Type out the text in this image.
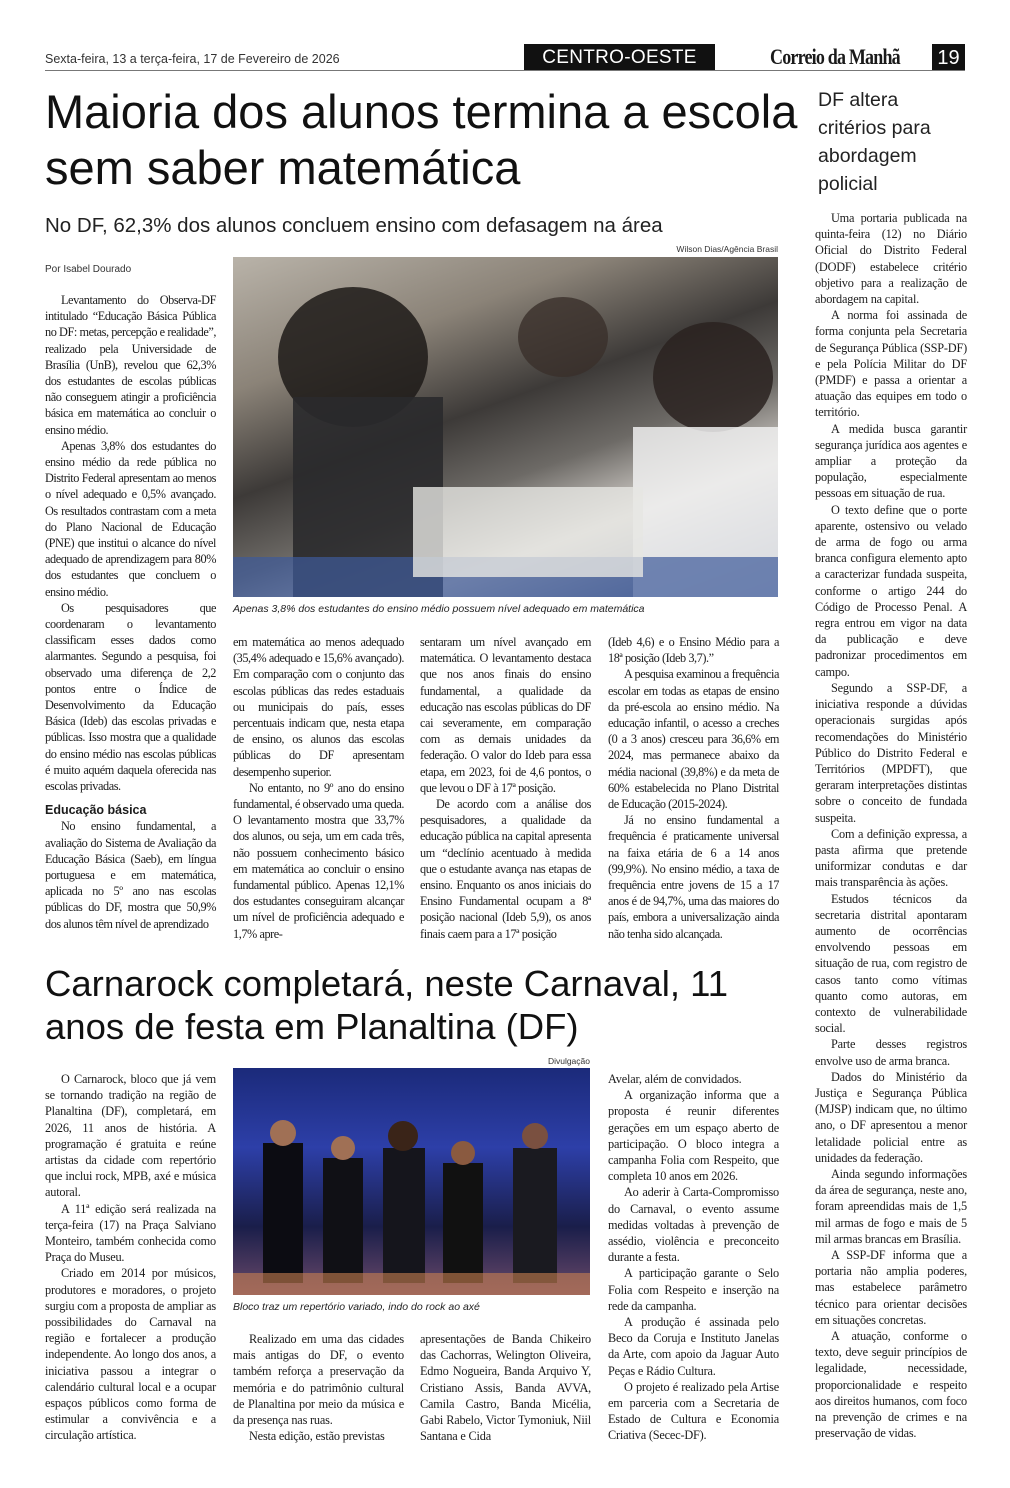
Sexta-feira, 13 a terça-feira, 17 de Fevereiro de 2026	CENTRO-OESTE	Correio da Manhã 19
Maioria dos alunos termina a escola sem saber matemática
No DF, 62,3% dos alunos concluem ensino com defasagem na área
Por Isabel Dourado
Wilson Dias/Agência Brasil
Apenas 3,8% dos estudantes do ensino médio possuem nível adequado em matemática

Levantamento do Observa-DF intitulado “Educação Básica Pública no DF: metas, percepção e realidade”, realizado pela Universidade de Brasília (UnB), revelou que 62,3% dos estudantes de escolas públicas não conseguem atingir a proficiência básica em matemática ao concluir o ensino médio.

Apenas 3,8% dos estudantes do ensino médio da rede pública no Distrito Federal apresentam ao menos o nível adequado e 0,5% avançado. Os resultados contrastam com a meta do Plano Nacional de Educação (PNE) que institui o alcance do nível adequado de aprendizagem para 80% dos estudantes que concluem o ensino médio.

Os pesquisadores que coordenaram o levantamento classificam esses dados como alarmantes. Segundo a pesquisa, foi observado uma diferença de 2,2 pontos entre o Índice de Desenvolvimento da Educação Básica (Ideb) das escolas privadas e públicas. Isso mostra que a qualidade do ensino médio nas escolas públicas é muito aquém daquela oferecida nas escolas privadas.

Educação básica

No ensino fundamental, a avaliação do Sistema de Avaliação da Educação Básica (Saeb), em língua portuguesa e em matemática, aplicada no 5º ano nas escolas públicas do DF, mostra que 50,9% dos alunos têm nível de aprendizado

em matemática ao menos adequado (35,4% adequado e 15,6% avançado). Em comparação com o conjunto das escolas públicas das redes estaduais ou municipais do país, esses percentuais indicam que, nesta etapa de ensino, os alunos das escolas públicas do DF apresentam desempenho superior.

No entanto, no 9º ano do ensino fundamental, é observado uma queda. O levantamento mostra que 33,7% dos alunos, ou seja, um em cada três, não possuem conhecimento básico em matemática ao concluir o ensino fundamental público. Apenas 12,1% dos estudantes conseguiram alcançar um nível de proficiência adequado e 1,7% apre-

sentaram um nível avançado em matemática. O levantamento destaca que nos anos finais do ensino fundamental, a qualidade da educação nas escolas públicas do DF cai severamente, em comparação com as demais unidades da federação. O valor do Ideb para essa etapa, em 2023, foi de 4,6 pontos, o que levou o DF à 17ª posição.

De acordo com a análise dos pesquisadores, a qualidade da educação pública na capital apresenta um “declínio acentuado à medida que o estudante avança nas etapas de ensino. Enquanto os anos iniciais do Ensino Fundamental ocupam a 8ª posição nacional (Ideb 5,9), os anos finais caem para a 17ª posição

(Ideb 4,6) e o Ensino Médio para a 18ª posição (Ideb 3,7).”

A pesquisa examinou a frequência escolar em todas as etapas de ensino da pré-escola ao ensino médio. Na educação infantil, o acesso a creches (0 a 3 anos) cresceu para 36,6% em 2024, mas permanece abaixo da média nacional (39,8%) e da meta de 60% estabelecida no Plano Distrital de Educação (2015-2024).

Já no ensino fundamental a frequência é praticamente universal na faixa etária de 6 a 14 anos (99,9%). No ensino médio, a taxa de frequência entre jovens de 15 a 17 anos é de 94,7%, uma das maiores do país, embora a universalização ainda não tenha sido alcançada.

DF altera critérios para abordagem policial

Uma portaria publicada na quinta-feira (12) no Diário Oficial do Distrito Federal (DODF) estabelece critério objetivo para a realização de abordagem na capital.

A norma foi assinada de forma conjunta pela Secretaria de Segurança Pública (SSP-DF) e pela Polícia Militar do DF (PMDF) e passa a orientar a atuação das equipes em todo o território.

A medida busca garantir segurança jurídica aos agentes e ampliar a proteção da população, especialmente pessoas em situação de rua.

O texto define que o porte aparente, ostensivo ou velado de arma de fogo ou arma branca configura elemento apto a caracterizar fundada suspeita, conforme o artigo 244 do Código de Processo Penal. A regra entrou em vigor na data da publicação e deve padronizar procedimentos em campo.

Segundo a SSP-DF, a iniciativa responde a dúvidas operacionais surgidas após recomendações do Ministério Público do Distrito Federal e Territórios (MPDFT), que geraram interpretações distintas sobre o conceito de fundada suspeita.

Com a definição expressa, a pasta afirma que pretende uniformizar condutas e dar mais transparência às ações.

Estudos técnicos da secretaria distrital apontaram aumento de ocorrências envolvendo pessoas em situação de rua, com registro de casos tanto como vítimas quanto como autoras, em contexto de vulnerabilidade social.

Parte desses registros envolve uso de arma branca.

Dados do Ministério da Justiça e Segurança Pública (MJSP) indicam que, no último ano, o DF apresentou a menor letalidade policial entre as unidades da federação.

Ainda segundo informações da área de segurança, neste ano, foram apreendidas mais de 1,5 mil armas de fogo e mais de 5 mil armas brancas em Brasília.

A SSP-DF informa que a portaria não amplia poderes, mas estabelece parâmetro técnico para orientar decisões em situações concretas.

A atuação, conforme o texto, deve seguir princípios de legalidade, necessidade, proporcionalidade e respeito aos direitos humanos, com foco na prevenção de crimes e na preservação de vidas.

Carnarock completará, neste Carnaval, 11 anos de festa em Planaltina (DF)
Divulgação
Bloco traz um repertório variado, indo do rock ao axé

O Carnarock, bloco que já vem se tornando tradição na região de Planaltina (DF), completará, em 2026, 11 anos de história. A programação é gratuita e reúne artistas da cidade com repertório que inclui rock, MPB, axé e música autoral.

A 11ª edição será realizada na terça-feira (17) na Praça Salviano Monteiro, também conhecida como Praça do Museu.

Criado em 2014 por músicos, produtores e moradores, o projeto surgiu com a proposta de ampliar as possibilidades do Carnaval na região e fortalecer a produção independente. Ao longo dos anos, a iniciativa passou a integrar o calendário cultural local e a ocupar espaços públicos como forma de estimular a convivência e a circulação artística.

Realizado em uma das cidades mais antigas do DF, o evento também reforça a preservação da memória e do patrimônio cultural de Planaltina por meio da música e da presença nas ruas.

Nesta edição, estão previstas

apresentações de Banda Chikeiro das Cachorras, Welington Oliveira, Edmo Nogueira, Banda Arquivo Y, Cristiano Assis, Banda AVVA, Camila Castro, Banda Micélia, Gabi Rabelo, Victor Tymoniuk, Niil Santana e Cida

Avelar, além de convidados.

A organização informa que a proposta é reunir diferentes gerações em um espaço aberto de participação. O bloco integra a campanha Folia com Respeito, que completa 10 anos em 2026.

Ao aderir à Carta-Compromisso do Carnaval, o evento assume medidas voltadas à prevenção de assédio, violência e preconceito durante a festa.

A participação garante o Selo Folia com Respeito e inserção na rede da campanha.

A produção é assinada pelo Beco da Coruja e Instituto Janelas da Arte, com apoio da Jaguar Auto Peças e Rádio Cultura.

O projeto é realizado pela Artise em parceria com a Secretaria de Estado de Cultura e Economia Criativa (Secec-DF).
